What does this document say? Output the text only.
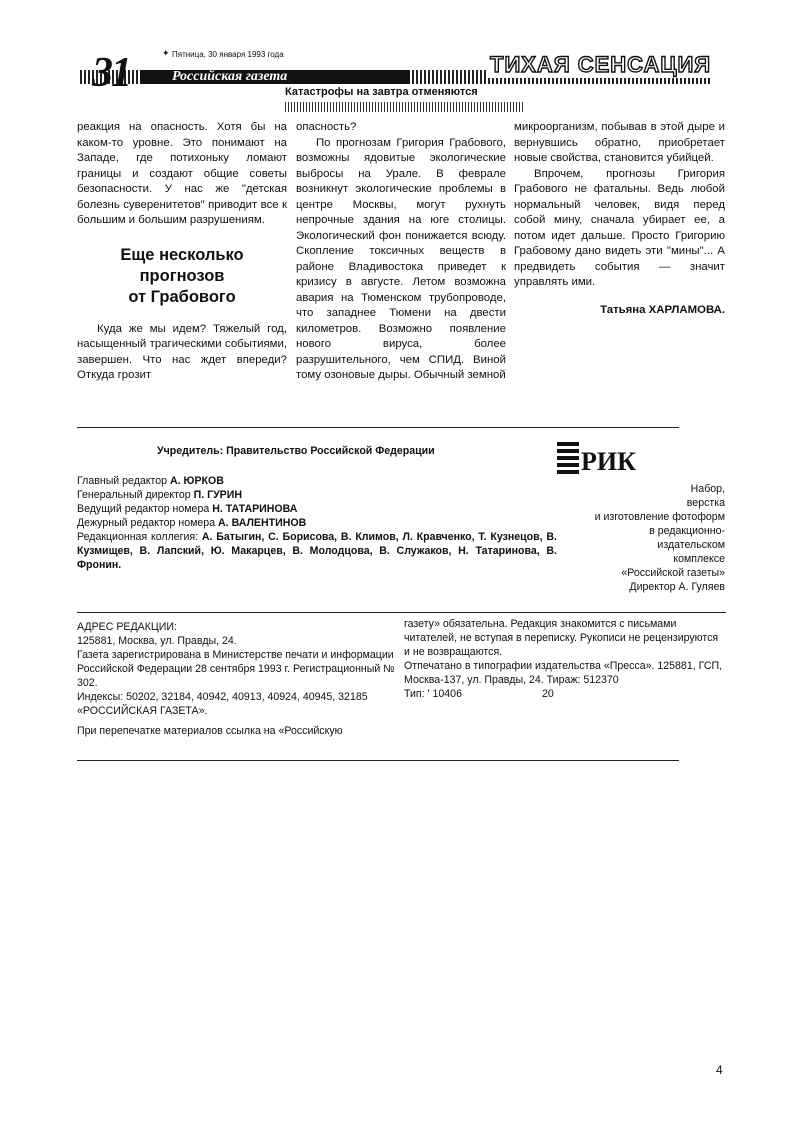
31	✦ Пятница, 30 января 1993 года
Российская газета	ТИХАЯ СЕНСАЦИЯ
Катастрофы на завтра отменяются

реакция на опасность. Хотя бы на каком-то уровне. Это понимают на Западе, где потихоньку ломают границы и создают общие советы безопасности. У нас же "детская болезнь суверенитетов" приводит все к большим и большим разрушениям.

Еще несколько
прогнозов
от Грабового

Куда же мы идем? Тяжелый год, насыщенный трагическими событиями, завершен. Что нас ждет впереди? Откуда грозит

опасность?

По прогнозам Григория Грабового, возможны ядовитые экологические выбросы на Урале. В феврале возникнут экологические проблемы в центре Москвы, могут рухнуть непрочные здания на юге столицы. Экологический фон понижается всюду. Скопление токсичных веществ в районе Владивостока приведет к кризису в августе. Летом возможна авария на Тюменском трубопроводе, что западнее Тюмени на двести километров. Возможно появление нового вируса, более разрушительного, чем СПИД. Виной тому озоновые дыры. Обычный земной

микроорганизм, побывав в этой дыре и вернувшись обратно, приобретает новые свойства, становится убийцей.

Впрочем, прогнозы Григория Грабового не фатальны. Ведь любой нормальный человек, видя перед собой мину, сначала убирает ее, а потом идет дальше. Просто Григорию Грабовому дано видеть эти "мины"... А предвидеть события — значит управлять ими.

Татьяна ХАРЛАМОВА.

Учредитель: Правительство Российской Федерации
Главный редактор А. ЮРКОВ
Генеральный директор П. ГУРИН
Ведущий редактор номера Н. ТАТАРИНОВА
Дежурный редактор номера А. ВАЛЕНТИНОВ
Редакционная коллегия: А. Батыгин, С. Борисова, В. Климов, Л. Кравченко, Т. Кузнецов, В. Кузмищев, В. Лапский, Ю. Макарцев, В. Молодцова, В. Служаков, Н. Татаринова, В. Фронин.
РИК
Набор,
верстка
и изготовление фотоформ
в редакционно-
издательском
комплексе
«Российской газеты»
Директор А. Гуляев

АДРЕС РЕДАКЦИИ:

125881, Москва, ул. Правды, 24.

Газета зарегистрирована в Министерстве печати и информации Российской Федерации 28 сентября 1993 г. Регистрационный № 302.

Индексы: 50202, 32184, 40942, 40913, 40924, 40945, 32185 «РОССИЙСКАЯ ГАЗЕТА».

При перепечатке материалов ссылка на «Российскую

газету» обязательна. Редакция знакомится с письмами читателей, не вступая в переписку. Рукописи не рецензируются и не возвращаются.

Отпечатано в типографии издательства «Пресса». 125881, ГСП, Москва-137, ул. Правды, 24. Тираж: 512370

Тип: ' 10406	20

4
